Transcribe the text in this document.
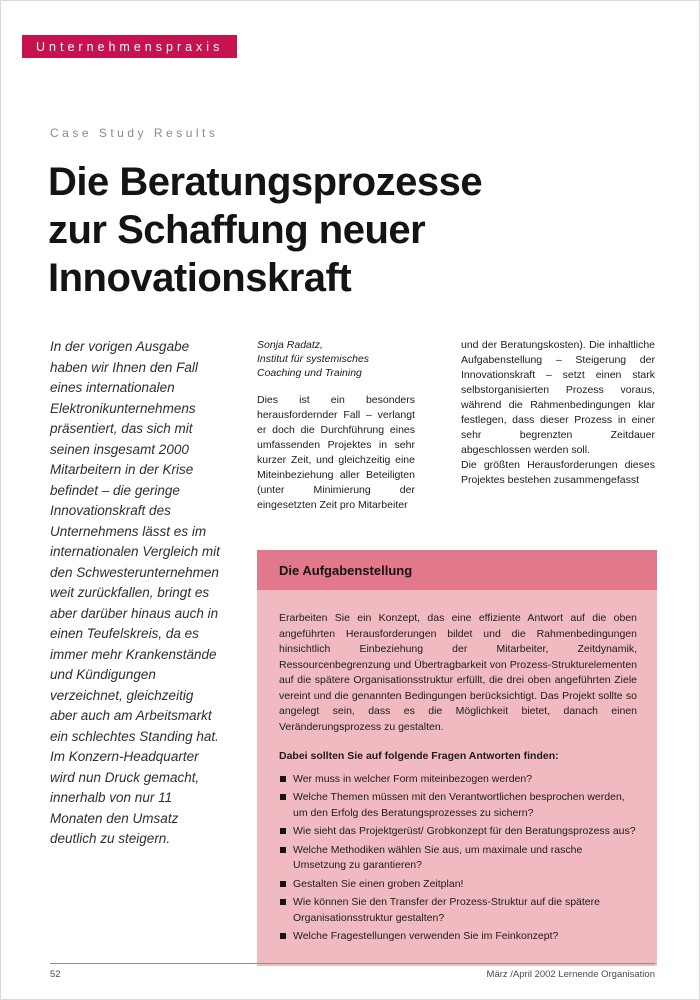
Unternehmenspraxis
Case Study Results
Die Beratungsprozesse
zur Schaffung neuer
Innovationskraft
In der vorigen Ausgabe haben wir Ihnen den Fall eines internationalen Elektronikunternehmens präsentiert, das sich mit seinen insgesamt 2000 Mitarbeitern in der Krise befindet – die geringe Innovationskraft des Unternehmens lässt es im internationalen Vergleich mit den Schwesterunternehmen weit zurückfallen, bringt es aber darüber hinaus auch in einen Teufelskreis, da es immer mehr Krankenstände und Kündigungen verzeichnet, gleichzeitig aber auch am Arbeitsmarkt ein schlechtes Standing hat. Im Konzern-Headquarter wird nun Druck gemacht, innerhalb von nur 11 Monaten den Umsatz deutlich zu steigern.
Sonja Radatz,
Institut für systemisches Coaching und Training

Dies ist ein besonders herausfordernder Fall – verlangt er doch die Durchführung eines umfassenden Projektes in sehr kurzer Zeit, und gleichzeitig eine Miteinbeziehung aller Beteiligten (unter Minimierung der eingesetzten Zeit pro Mitarbeiter

und der Beratungskosten). Die inhaltliche Aufgabenstellung – Steigerung der Innovationskraft – setzt einen stark selbstorganisierten Prozess voraus, während die Rahmenbedingungen klar festlegen, dass dieser Prozess in einer sehr begrenzten Zeitdauer abgeschlossen werden soll.

Die größten Herausforderungen dieses Projektes bestehen zusammengefasst

Die Aufgabenstellung

Erarbeiten Sie ein Konzept, das eine effiziente Antwort auf die oben angeführten Herausforderungen bildet und die Rahmenbedingungen hinsichtlich Einbeziehung der Mitarbeiter, Zeitdynamik, Ressourcenbegrenzung und Übertragbarkeit von Prozess-Strukturelementen auf die spätere Organisationsstruktur erfüllt, die drei oben angeführten Ziele vereint und die genannten Bedingungen berücksichtigt. Das Projekt sollte so angelegt sein, dass es die Möglichkeit bietet, danach einen Veränderungsprozess zu gestalten.

Dabei sollten Sie auf folgende Fragen Antworten finden:
Wer muss in welcher Form miteinbezogen werden?
Welche Themen müssen mit den Verantwortlichen besprochen werden, um den Erfolg des Beratungsprozesses zu sichern?
Wie sieht das Projektgerüst/ Grobkonzept für den Beratungsprozess aus?
Welche Methodiken wählen Sie aus, um maximale und rasche Umsetzung zu garantieren?
Gestalten Sie einen groben Zeitplan!
Wie können Sie den Transfer der Prozess-Struktur auf die spätere Organisationsstruktur gestalten?
Welche Fragestellungen verwenden Sie im Feinkonzept?
52	März /April 2002 Lernende Organisation
